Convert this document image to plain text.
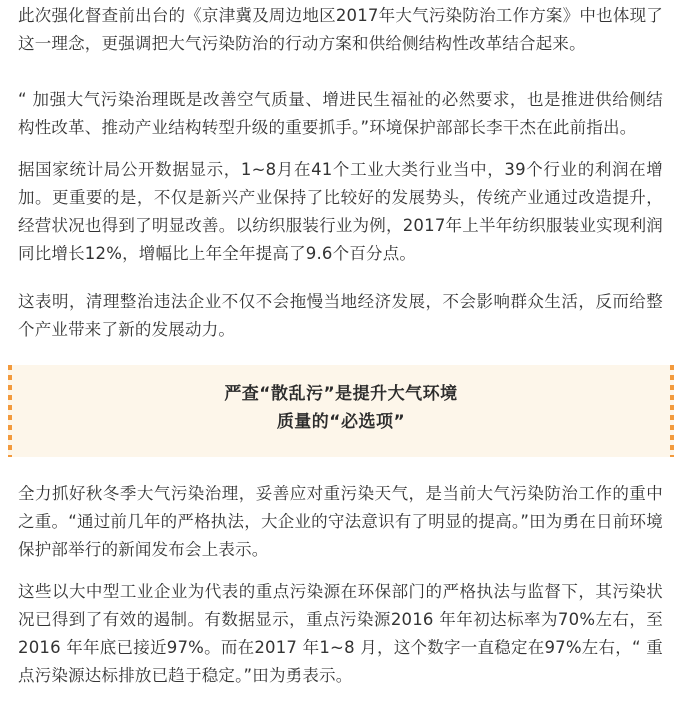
此次强化督查前出台的《京津冀及周边地区2017年大气污染防治工作方案》中也体现了这一理念，更强调把大气污染防治的行动方案和供给侧结构性改革结合起来。

“ 加强大气污染治理既是改善空气质量、增进民生福祉的必然要求，也是推进供给侧结构性改革、推动产业结构转型升级的重要抓手。”环境保护部部长李干杰在此前指出。

据国家统计局公开数据显示，1~8月在41个工业大类行业当中，39个行业的利润在增加。更重要的是，不仅是新兴产业保持了比较好的发展势头，传统产业通过改造提升，经营状况也得到了明显改善。以纺织服装行业为例，2017年上半年纺织服装业实现利润同比增长12%，增幅比上年全年提高了9.6个百分点。

这表明，清理整治违法企业不仅不会拖慢当地经济发展，不会影响群众生活，反而给整个产业带来了新的发展动力。

严查“散乱污”是提升大气环境
质量的“必选项”

全力抓好秋冬季大气污染治理，妥善应对重污染天气，是当前大气污染防治工作的重中之重。“通过前几年的严格执法，大企业的守法意识有了明显的提高。”田为勇在日前环境保护部举行的新闻发布会上表示。

这些以大中型工业企业为代表的重点污染源在环保部门的严格执法与监督下，其污染状况已得到了有效的遏制。有数据显示，重点污染源2016 年年初达标率为70%左右，至2016 年年底已接近97%。而在2017 年1~8 月，这个数字一直稳定在97%左右，“ 重点污染源达标排放已趋于稳定。”田为勇表示。
